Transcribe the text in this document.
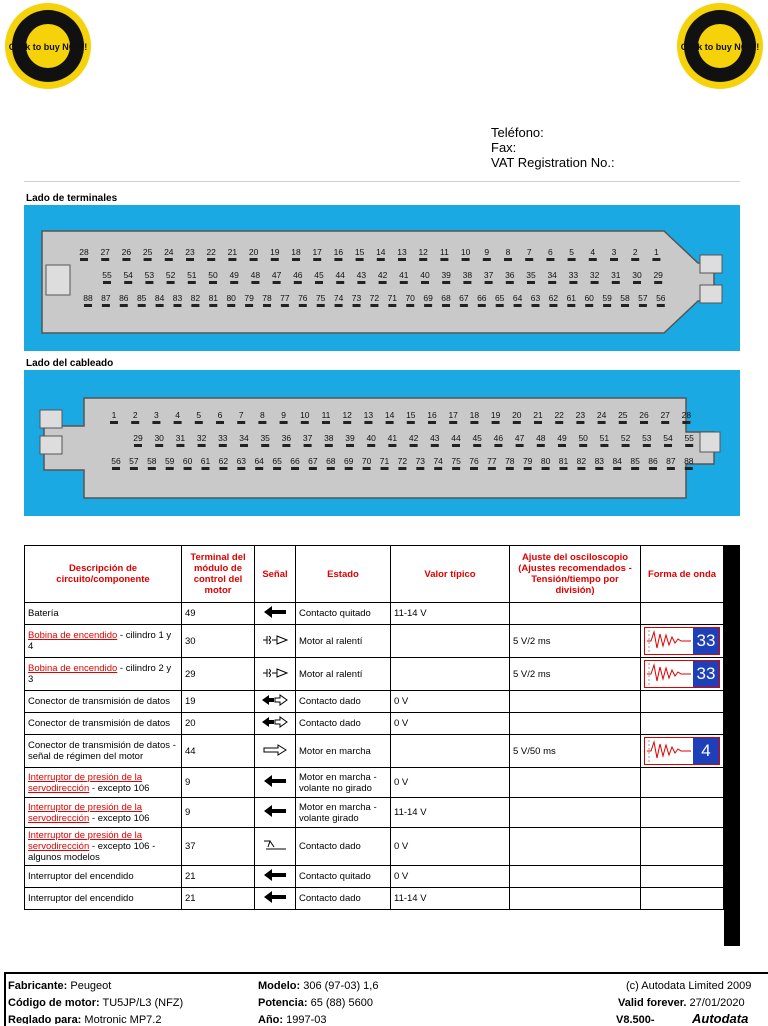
Click to buy NOW!	Click to buy NOW!
Teléfono:
Fax:
VAT Registration No.:
Lado de terminales
28 27 26 25 24 23 22 21 20 19 18 17 16 15 14 13 12 11 10 9 8 7 6 5 4 3 2 1
55 54 53 52 51 50 49 48 47 46 45 44 43 42 41 40 39 38 37 36 35 34 33 32 31 30 29
88 87 86 85 84 83 82 81 80 79 78 77 76 75 74 73 72 71 70 69 68 67 66 65 64 63 62 61 60 59 58 57 56
Lado del cableado
1 2 3 4 5 6 7 8 9 10 11 12 13 14 15 16 17 18 19 20 21 22 23 24 25 26 27 28
29 30 31 32 33 34 35 36 37 38 39 40 41 42 43 44 45 46 47 48 49 50 51 52 53 54 55
56 57 58 59 60 61 62 63 64 65 66 67 68 69 70 71 72 73 74 75 76 77 78 79 80 81 82 83 84 85 86 87 88
Descripción de circuito/componente	Terminal del módulo de control del motor	Señal	Estado	Valor típico	Ajuste del osciloscopio (Ajustes recomendados - Tensión/tiempo por división)	Forma de onda
Batería	49		Contacto quitado	11-14 V		
Bobina de encendido - cilindro 1 y 4	30		Motor al ralentí		5 V/2 ms	33

Bobina de encendido - cilindro 2 y 3	29		Motor al ralentí		5 V/2 ms	33

Conector de transmisión de datos	19		Contacto dado	0 V		
Conector de transmisión de datos	20		Contacto dado	0 V		
Conector de transmisión de datos - señal de régimen del motor	44		Motor en marcha		5 V/50 ms	4

Interruptor de presión de la servodirección - excepto 106	9		Motor en marcha - volante no girado	0 V		
Interruptor de presión de la servodirección - excepto 106	9		Motor en marcha - volante girado	11-14 V		
Interruptor de presión de la servodirección - excepto 106 - algunos modelos	37		Contacto dado	0 V		
Interruptor del encendido	21		Contacto quitado	0 V		
Interruptor del encendido	21		Contacto dado	11-14 V		
Fabricante: Peugeot
Código de motor: TU5JP/L3 (NFZ)
Reglado para: Motronic MP7.2
Modelo: 306 (97-03) 1,6
Potencia: 65 (88) 5600
Año: 1997-03
(c) Autodata Limited 2009
Valid forever. 27/01/2020
V8.500-	Autodata
